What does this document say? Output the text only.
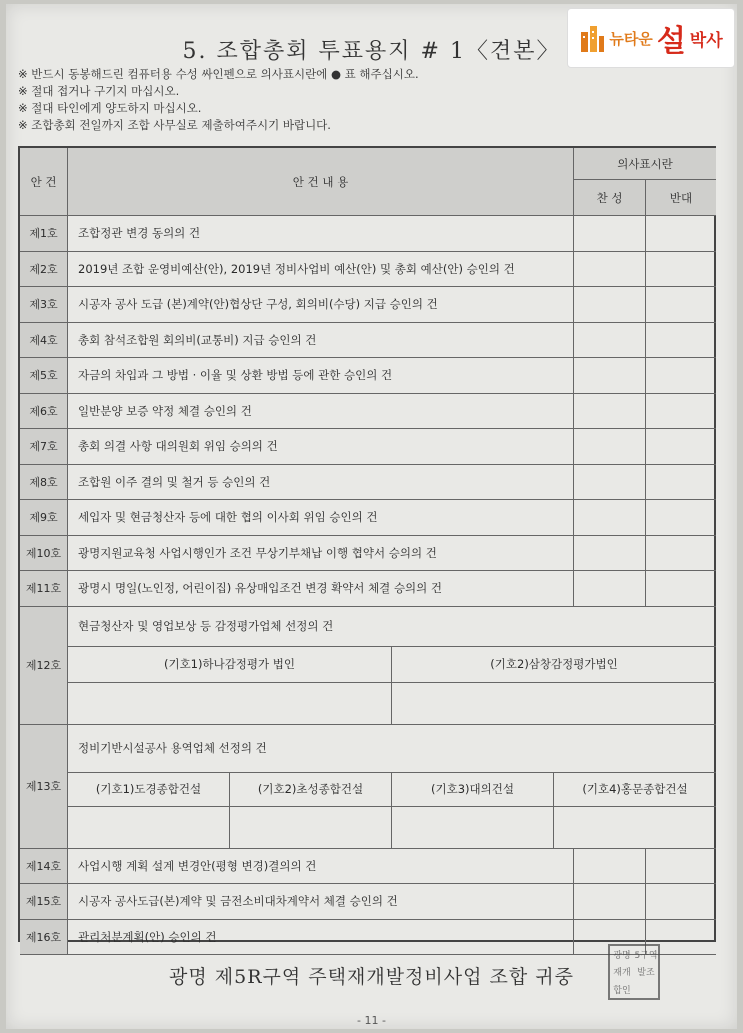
5. 조합총회 투표용지 # 1〈견본〉
뉴타운 설 박사
※ 반드시 동봉해드린 컴퓨터용 수성 싸인펜으로 의사표시란에 ● 표 해주십시오.
※ 절대 접거나 구기지 마십시오.
※ 절대 타인에게 양도하지 마십시오.
※ 조합총회 전일까지 조합 사무실로 제출하여주시기 바랍니다.
안 건	안 건 내 용
의사표시란
찬 성	반대
제1호	조합정관 변경 동의의 건
제2호	2019년 조합 운영비예산(안), 2019년 정비사업비 예산(안) 및 총회 예산(안) 승인의 건
제3호	시공자 공사 도급 (본)계약(안)협상단 구성, 회의비(수당) 지급 승인의 건
제4호	총회 참석조합원 회의비(교통비) 지급 승인의 건
제5호	자금의 차입과 그 방법 · 이율 및 상환 방법 등에 관한 승인의 건
제6호	일반분양 보증 약정 체결 승인의 건
제7호	총회 의결 사항 대의원회 위임 승의의 건
제8호	조합원 이주 결의 및 철거 등 승인의 건
제9호	세입자 및 현금청산자 등에 대한 협의 이사회 위임 승인의 건
제10호	광명지원교육청 사업시행인가 조건 무상기부채납 이행 협약서 승의의 건
제11호	광명시 명일(노인정, 어린이집) 유상매입조건 변경 확약서 체결 승의의 건
제12호
현금청산자 및 영업보상 등 감정평가업체 선정의 건
(기호1)하나감정평가 법인	(기호2)삼창감정평가법인
제13호
정비기반시설공사 용역업체 선정의 건
(기호1)도경종합건설	(기호2)초성종합건설	(기호3)대의건설	(기호4)홍문종합건설
제14호	사업시행 계획 설계 변경안(평형 변경)결의의 건
제15호	시공자 공사도급(본)계약 및 금전소비대차계약서 체결 승인의 건
제16호	관리처분계획(안) 승인의 건
광명 제5R구역 주택재개발정비사업 조합 귀중
광명 5구역
재개 발조
합인
- 11 -
